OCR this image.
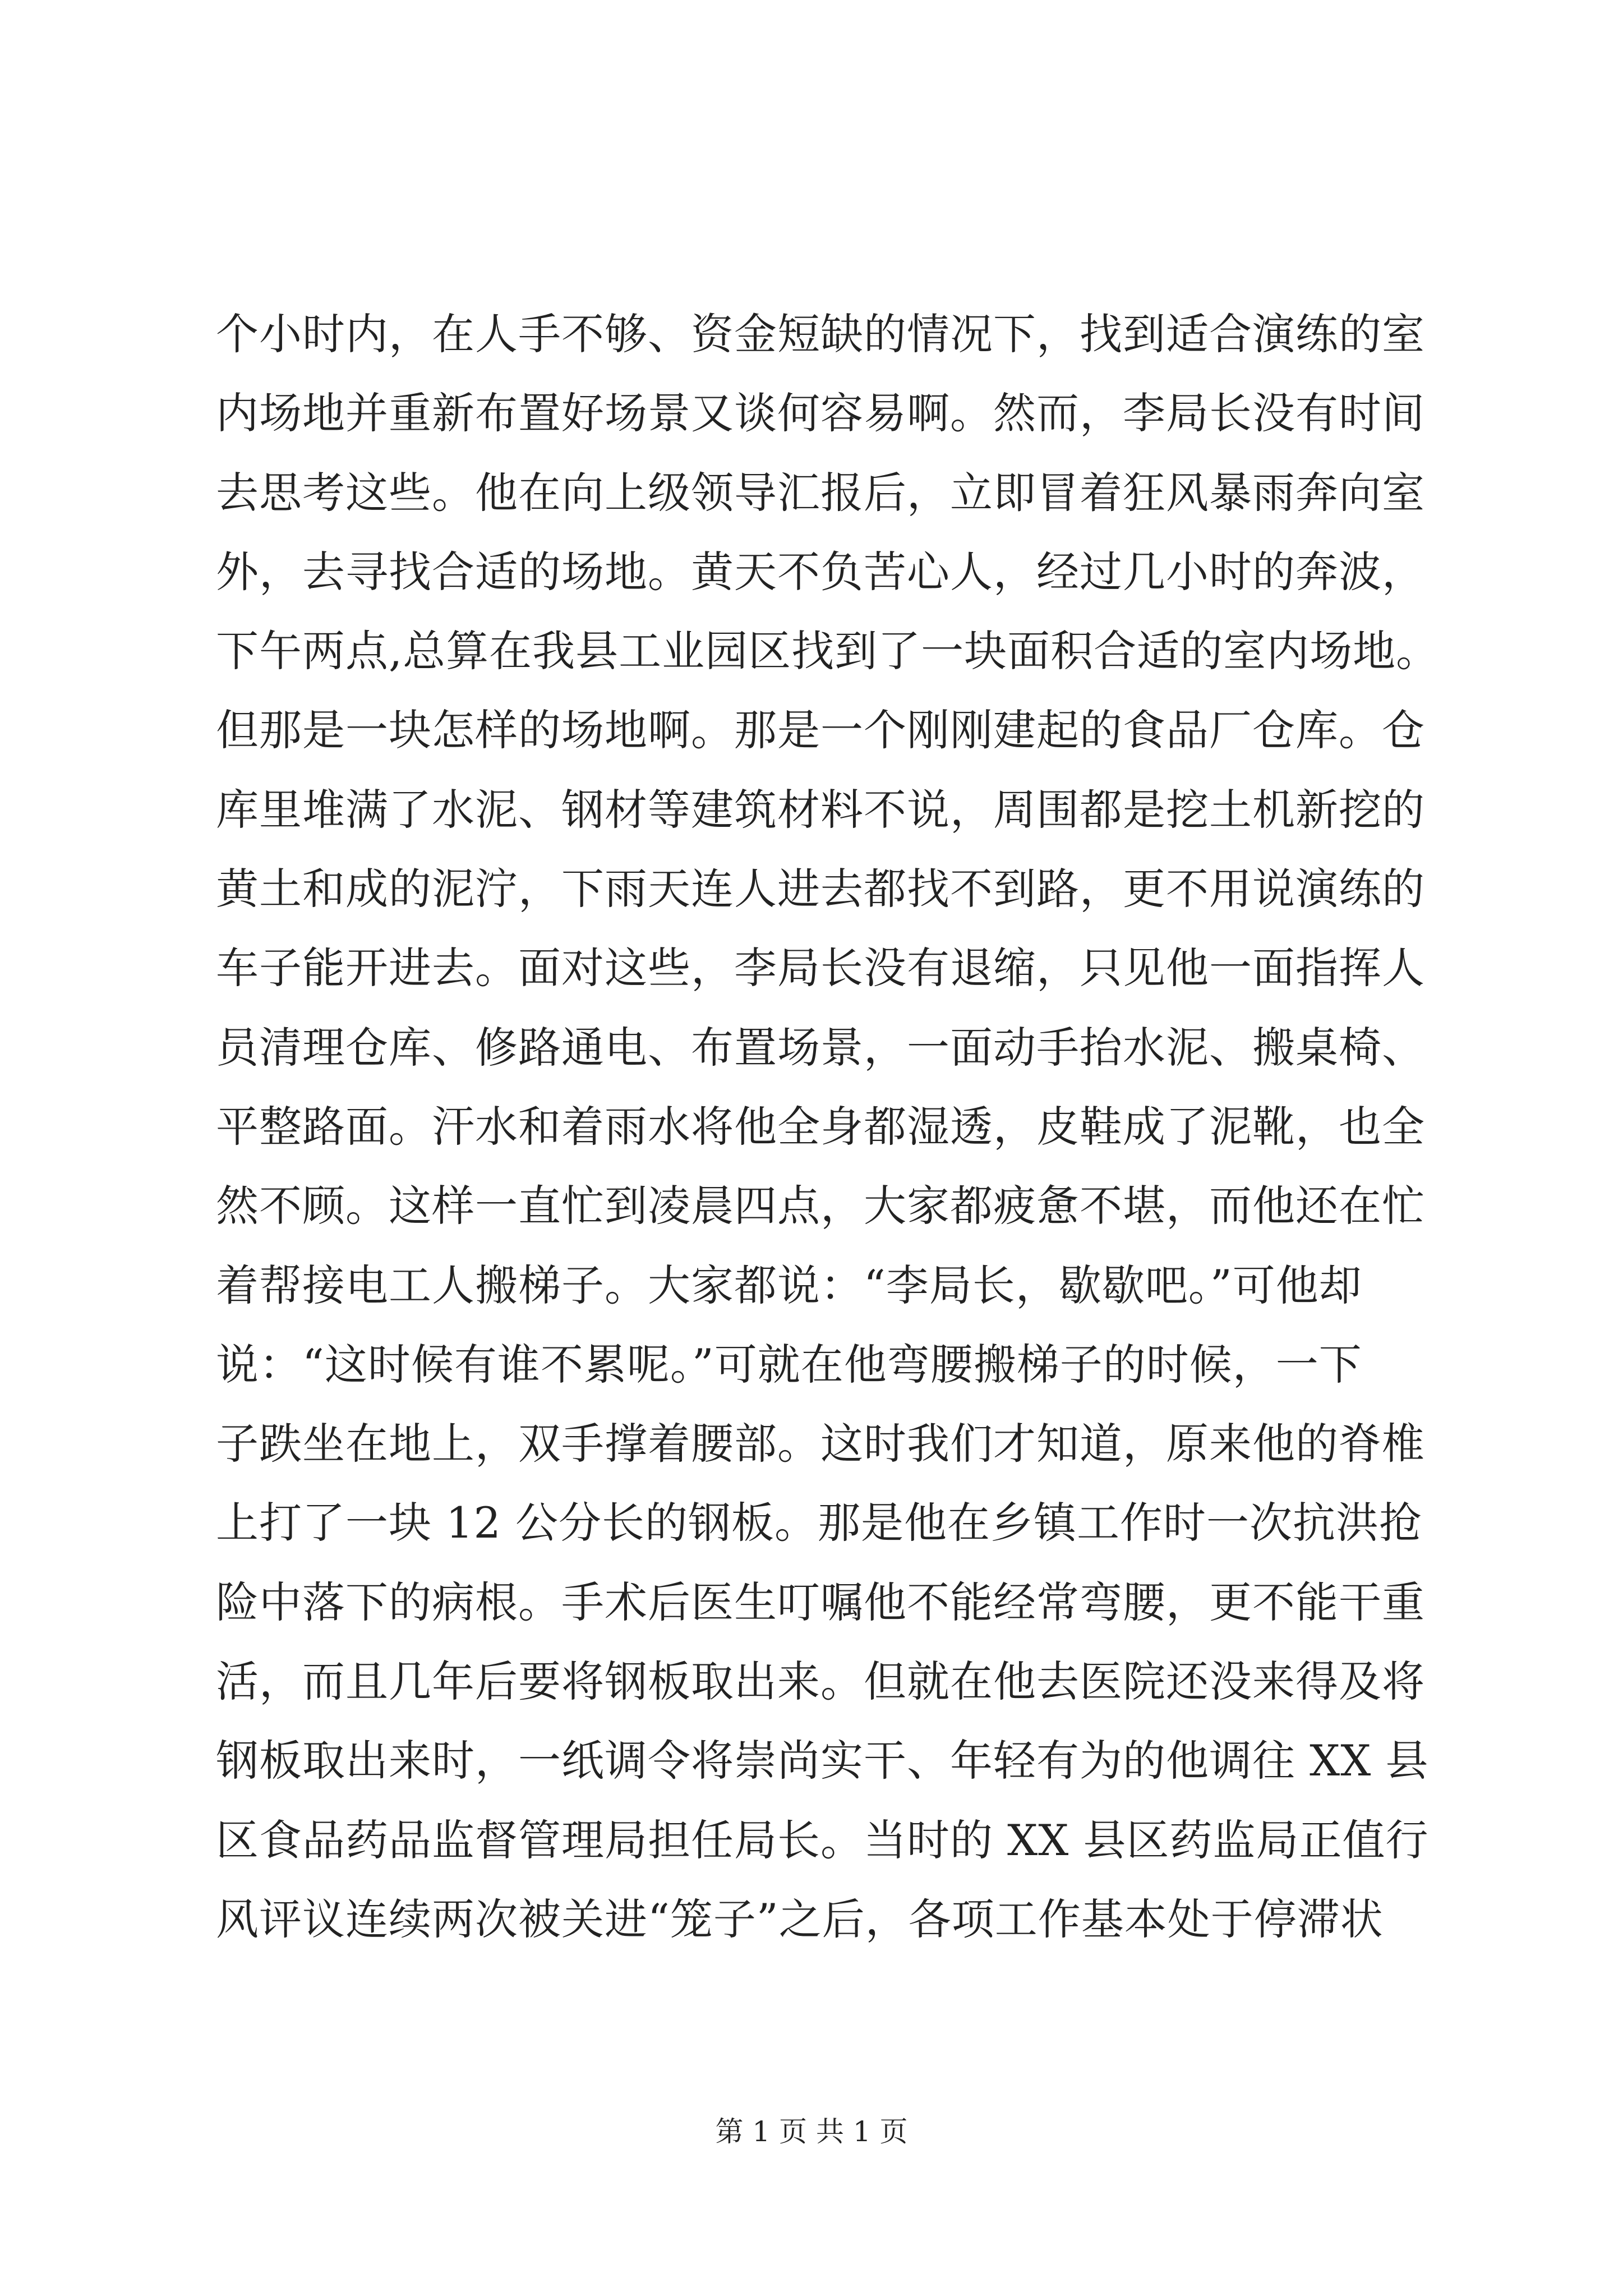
个小时内，在人手不够、资金短缺的情况下，找到适合演练的室
内场地并重新布置好场景又谈何容易啊。然而，李局长没有时间
去思考这些。他在向上级领导汇报后，立即冒着狂风暴雨奔向室
外，去寻找合适的场地。黄天不负苦心人，经过几小时的奔波，
下午两点,总算在我县工业园区找到了一块面积合适的室内场地。
但那是一块怎样的场地啊。那是一个刚刚建起的食品厂仓库。仓
库里堆满了水泥、钢材等建筑材料不说，周围都是挖土机新挖的
黄土和成的泥泞，下雨天连人进去都找不到路，更不用说演练的
车子能开进去。面对这些，李局长没有退缩，只见他一面指挥人
员清理仓库、修路通电、布置场景，一面动手抬水泥、搬桌椅、
平整路面。汗水和着雨水将他全身都湿透，皮鞋成了泥靴，也全
然不顾。这样一直忙到凌晨四点，大家都疲惫不堪，而他还在忙
着帮接电工人搬梯子。大家都说：“李局长，歇歇吧。”可他却
说：“这时候有谁不累呢。”可就在他弯腰搬梯子的时候，一下
子跌坐在地上，双手撑着腰部。这时我们才知道，原来他的脊椎
上打了一块 12 公分长的钢板。那是他在乡镇工作时一次抗洪抢
险中落下的病根。手术后医生叮嘱他不能经常弯腰，更不能干重
活，而且几年后要将钢板取出来。但就在他去医院还没来得及将
钢板取出来时，一纸调令将崇尚实干、年轻有为的他调往 XX 县
区食品药品监督管理局担任局长。当时的 XX 县区药监局正值行
风评议连续两次被关进“笼子”之后，各项工作基本处于停滞状
第 1 页 共 1 页
